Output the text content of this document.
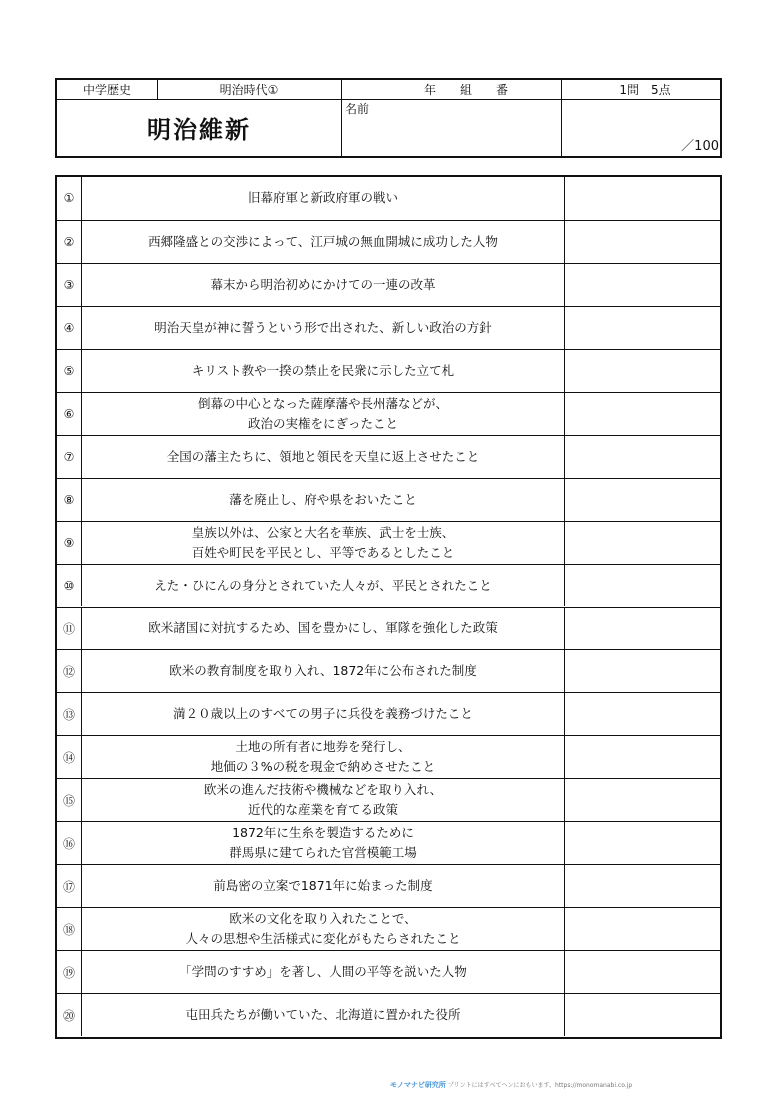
中学歴史	明治時代①	年　　組　　番	1問　5点
明治維新
名前
／100
①	旧幕府軍と新政府軍の戦い
②	西郷隆盛との交渉によって、江戸城の無血開城に成功した人物
③	幕末から明治初めにかけての一連の改革
④	明治天皇が神に誓うという形で出された、新しい政治の方針
⑤	キリスト教や一揆の禁止を民衆に示した立て札
⑥
倒幕の中心となった薩摩藩や長州藩などが、
政治の実権をにぎったこと
⑦	全国の藩主たちに、領地と領民を天皇に返上させたこと
⑧	藩を廃止し、府や県をおいたこと
⑨
皇族以外は、公家と大名を華族、武士を士族、
百姓や町民を平民とし、平等であるとしたこと
⑩	えた・ひにんの身分とされていた人々が、平民とされたこと
⑪	欧米諸国に対抗するため、国を豊かにし、軍隊を強化した政策
⑫	欧米の教育制度を取り入れ、1872年に公布された制度
⑬	満２０歳以上のすべての男子に兵役を義務づけたこと
⑭
土地の所有者に地券を発行し、
地価の３%の税を現金で納めさせたこと
⑮
欧米の進んだ技術や機械などを取り入れ、
近代的な産業を育てる政策
⑯
1872年に生糸を製造するために
群馬県に建てられた官営模範工場
⑰	前島密の立案で1871年に始まった制度
⑱
欧米の文化を取り入れたことで、
人々の思想や生活様式に変化がもたらされたこと
⑲	「学問のすすめ」を著し、人間の平等を説いた人物
⑳	屯田兵たちが働いていた、北海道に置かれた役所
モノマナビ研究所 プリントにはすべてヘンにおもいます。https://monomanabi.co.jp
